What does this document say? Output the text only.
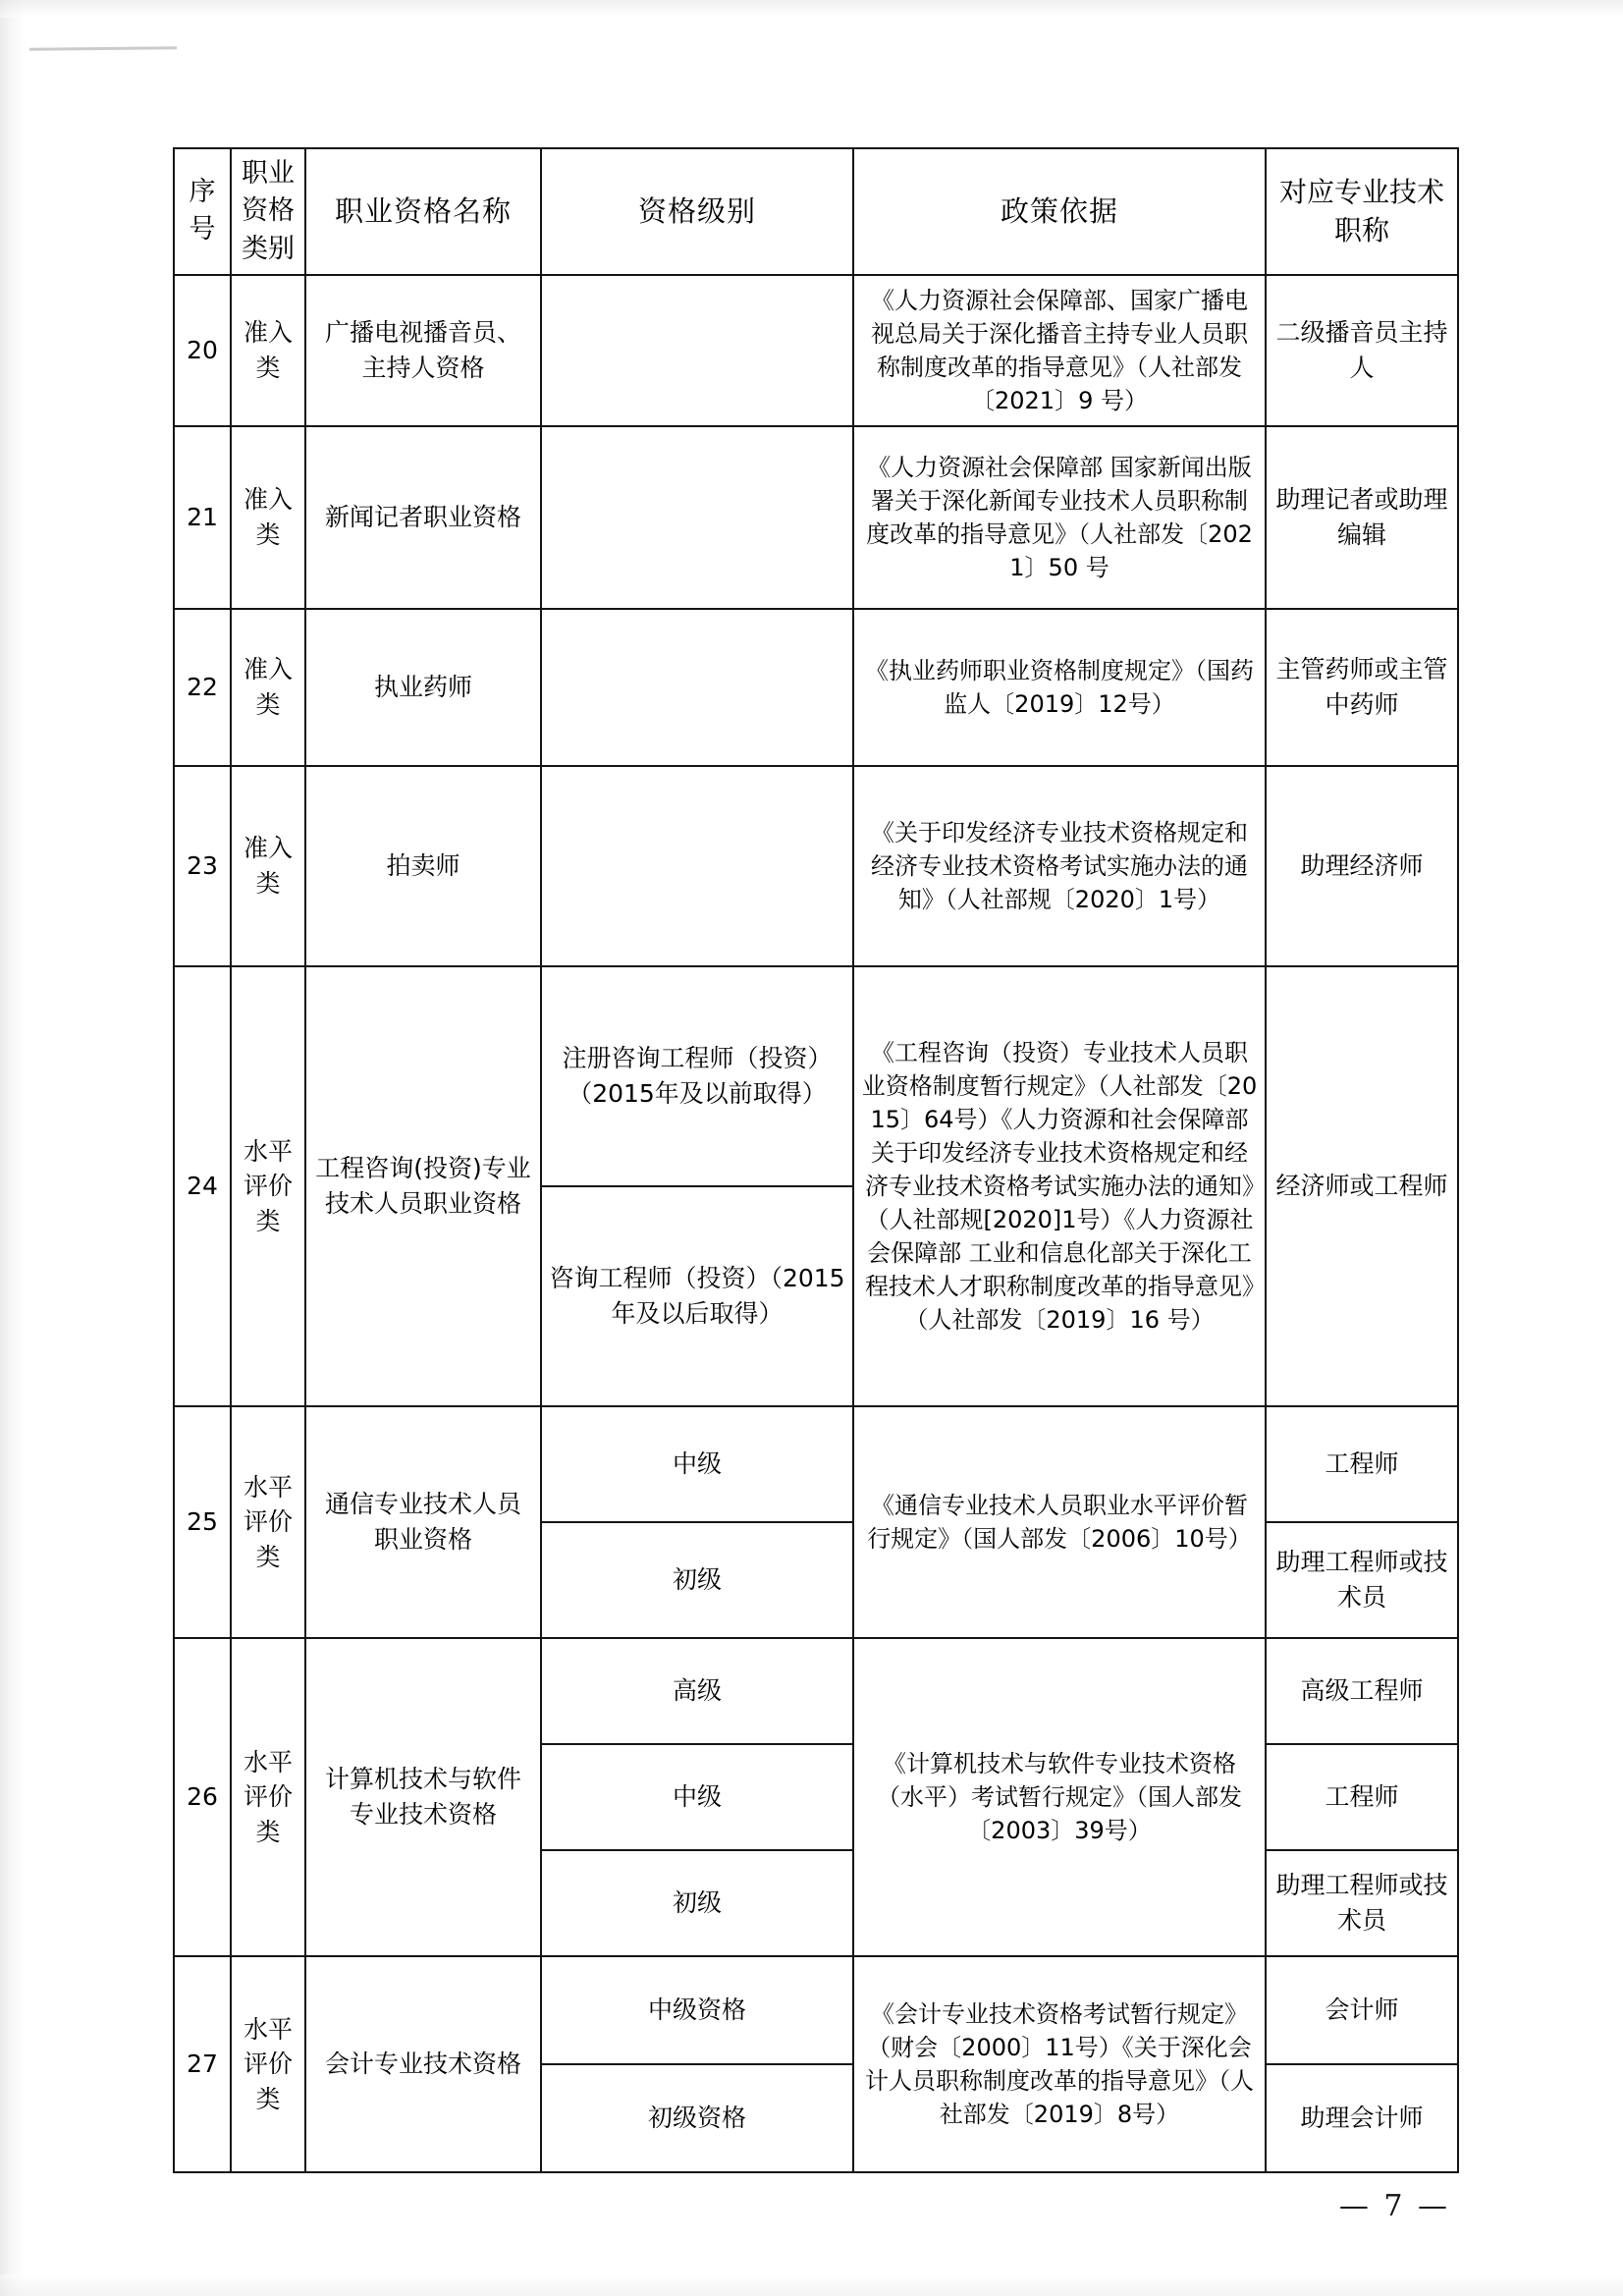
序号	职业资格类别	职业资格名称	资格级别	政策依据	对应专业技术职称
20	准入类	广播电视播音员、主持人资格		《人力资源社会保障部、国家广播电视总局关于深化播音主持专业人员职称制度改革的指导意见》（人社部发〔2021〕9 号）	二级播音员主持人
21	准入类	新闻记者职业资格		《人力资源社会保障部 国家新闻出版署关于深化新闻专业技术人员职称制度改革的指导意见》（人社部发〔2021〕50 号	助理记者或助理编辑
22	准入类	执业药师		《执业药师职业资格制度规定》（国药监人〔2019〕12号）	主管药师或主管中药师
23	准入类	拍卖师		《关于印发经济专业技术资格规定和经济专业技术资格考试实施办法的通知》（人社部规〔2020〕1号）	助理经济师
24	水平评价类	工程咨询(投资)专业技术人员职业资格	注册咨询工程师（投资）（2015年及以前取得）	《工程咨询（投资）专业技术人员职业资格制度暂行规定》（人社部发〔2015〕64号）《人力资源和社会保障部关于印发经济专业技术资格规定和经济专业技术资格考试实施办法的通知》（人社部规[2020]1号）《人力资源社会保障部 工业和信息化部关于深化工程技术人才职称制度改革的指导意见》（人社部发〔2019〕16 号）	经济师或工程师
			咨询工程师（投资）（2015年及以后取得）		
25	水平评价类	通信专业技术人员职业资格	中级	《通信专业技术人员职业水平评价暂行规定》（国人部发〔2006〕10号）	工程师
			初级		助理工程师或技术员
26	水平评价类	计算机技术与软件专业技术资格	高级	《计算机技术与软件专业技术资格（水平）考试暂行规定》（国人部发〔2003〕39号）	高级工程师
			中级		工程师
			初级		助理工程师或技术员
27	水平评价类	会计专业技术资格	中级资格	《会计专业技术资格考试暂行规定》（财会〔2000〕11号）《关于深化会计人员职称制度改革的指导意见》（人社部发〔2019〕8号）	会计师
			初级资格		助理会计师
— 7 —
